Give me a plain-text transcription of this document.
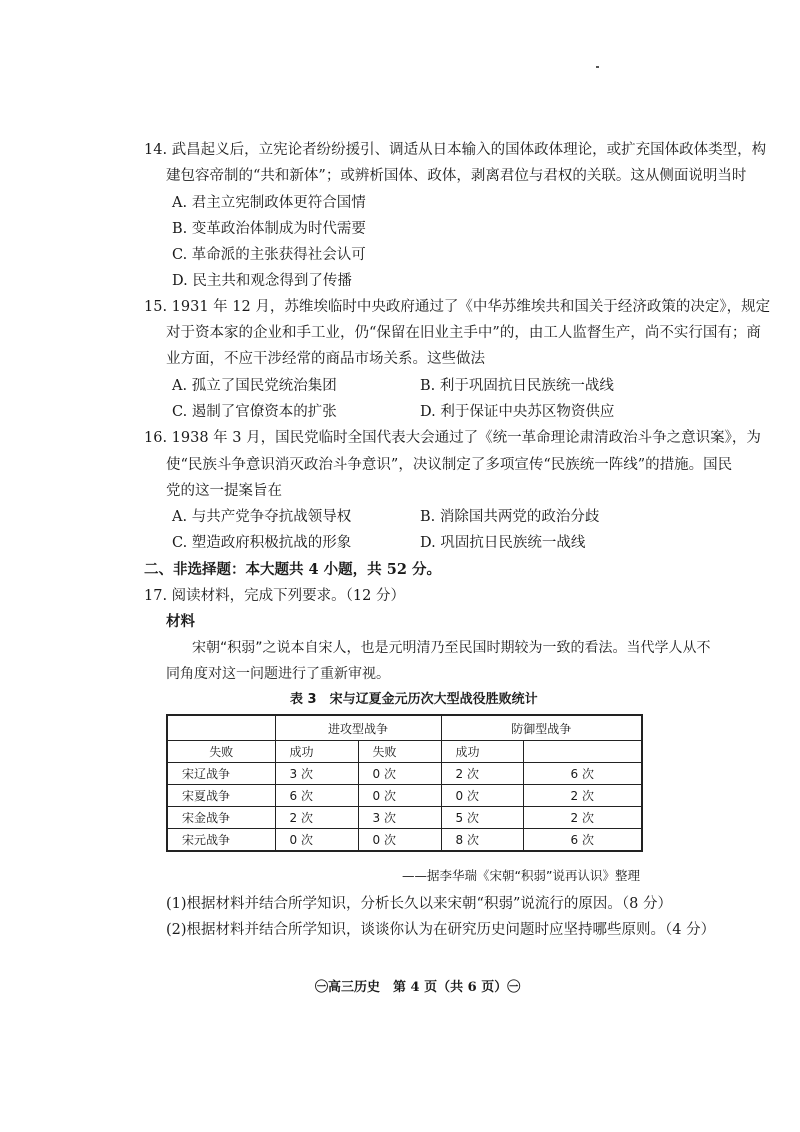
14. 武昌起义后，立宪论者纷纷援引、调适从日本输入的国体政体理论，或扩充国体政体类型，构
建包容帝制的“共和新体”；或辨析国体、政体，剥离君位与君权的关联。这从侧面说明当时
A. 君主立宪制政体更符合国情
B. 变革政治体制成为时代需要
C. 革命派的主张获得社会认可
D. 民主共和观念得到了传播
15. 1931 年 12 月，苏维埃临时中央政府通过了《中华苏维埃共和国关于经济政策的决定》，规定
对于资本家的企业和手工业，仍“保留在旧业主手中”的，由工人监督生产，尚不实行国有；商
业方面，不应干涉经常的商品市场关系。这些做法
A. 孤立了国民党统治集团	B. 利于巩固抗日民族统一战线
C. 遏制了官僚资本的扩张	D. 利于保证中央苏区物资供应
16. 1938 年 3 月，国民党临时全国代表大会通过了《统一革命理论肃清政治斗争之意识案》，为
使“民族斗争意识消灭政治斗争意识”，决议制定了多项宣传“民族统一阵线”的措施。国民
党的这一提案旨在
A. 与共产党争夺抗战领导权	B. 消除国共两党的政治分歧
C. 塑造政府积极抗战的形象	D. 巩固抗日民族统一战线
二、非选择题：本大题共 4 小题，共 52 分。
17. 阅读材料，完成下列要求。（12 分）
材料
宋朝“积弱”之说本自宋人，也是元明清乃至民国时期较为一致的看法。当代学人从不
同角度对这一问题进行了重新审视。
表 3　宋与辽夏金元历次大型战役胜败统计
	进攻型战争		防御型战争	
失败	成功	失败	成功	
宋辽战争	3 次	0 次	2 次	6 次
宋夏战争	6 次	0 次	0 次	2 次
宋金战争	2 次	3 次	5 次	2 次
宋元战争	0 次	0 次	8 次	6 次
——据李华瑞《宋朝“积弱”说再认识》整理
(1)根据材料并结合所学知识，分析长久以来宋朝“积弱”说流行的原因。（8 分）
(2)根据材料并结合所学知识，谈谈你认为在研究历史问题时应坚持哪些原则。（4 分）
㊀高三历史　第 4 页（共 6 页）㊀
